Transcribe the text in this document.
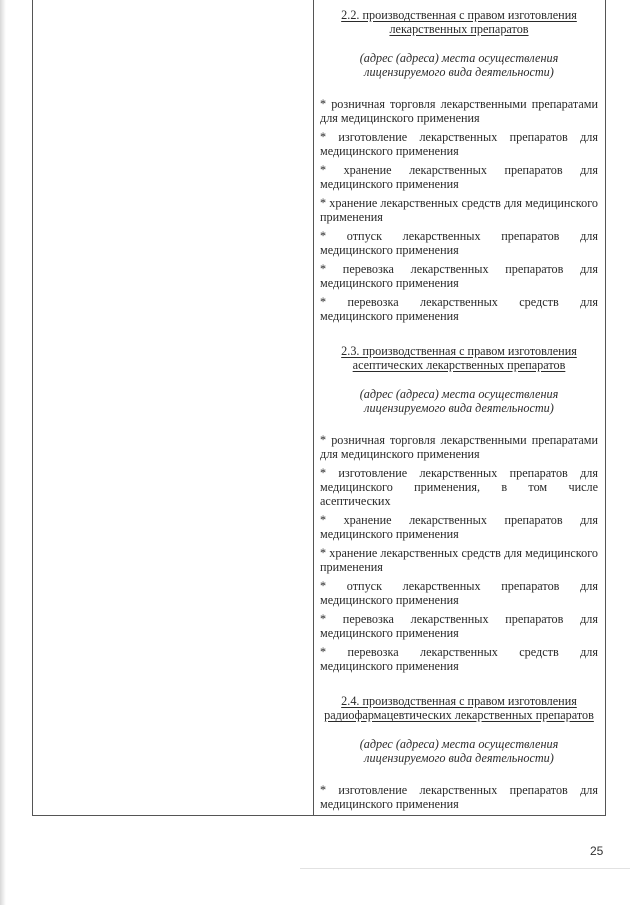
2.2. производственная с правом изготовления лекарственных препаратов

(адрес (адреса) места осуществления лицензируемого вида деятельности)

* розничная торговля лекарственными препаратами для медицинского применения

* изготовление лекарственных препаратов для медицинского применения

* хранение лекарственных препаратов для медицинского применения

* хранение лекарственных средств для медицинского применения

* отпуск лекарственных препаратов для медицинского применения

* перевозка лекарственных препаратов для медицинского применения

* перевозка лекарственных средств для медицинского применения

2.3. производственная с правом изготовления асептических лекарственных препаратов

(адрес (адреса) места осуществления лицензируемого вида деятельности)

* розничная торговля лекарственными препаратами для медицинского применения

* изготовление лекарственных препаратов для медицинского применения, в том числе асептических

* хранение лекарственных препаратов для медицинского применения

* хранение лекарственных средств для медицинского применения

* отпуск лекарственных препаратов для медицинского применения

* перевозка лекарственных препаратов для медицинского применения

* перевозка лекарственных средств для медицинского применения

2.4. производственная с правом изготовления радиофармацевтических лекарственных препаратов

(адрес (адреса) места осуществления лицензируемого вида деятельности)

* изготовление лекарственных препаратов для медицинского применения

25
